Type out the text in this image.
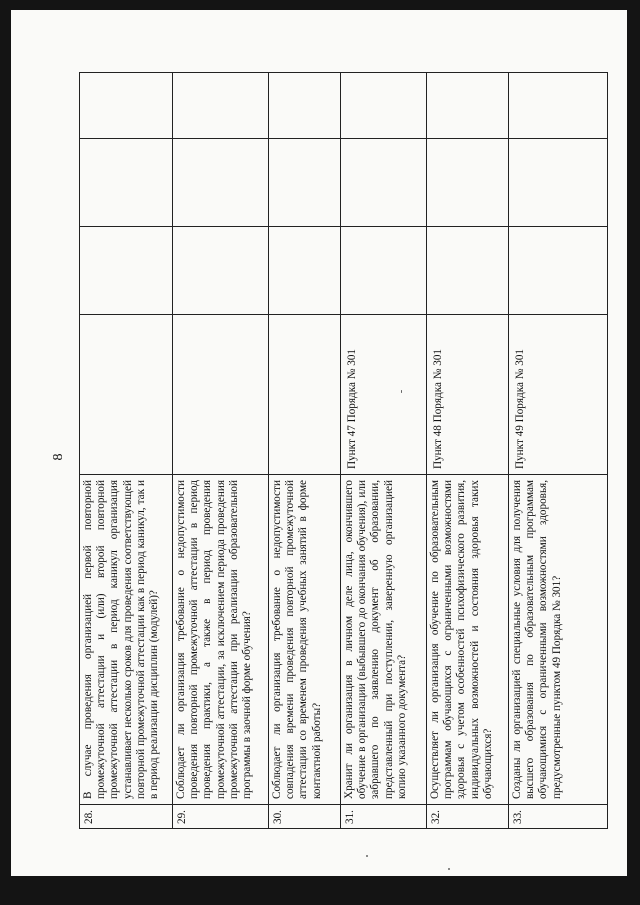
8
28.	В случае проведения организацией первой повторной промежуточной аттестации и (или) второй повторной промежуточной аттестации в период каникул организация устанавливает несколько сроков для проведения соответствующей повторной промежуточной аттестации как в период каникул, так и в период реализации дисциплин (модулей)?				
29.	Соблюдает ли организация требование о недопустимости проведения повторной промежуточной аттестации в период проведения практики, а также в период проведения промежуточной аттестации, за исключением периода проведения промежуточной аттестации при реализации образовательной программы в заочной форме обучения?				
30.	Соблюдает ли организация требование о недопустимости совпадения времени проведения повторной промежуточной аттестации со временем проведения учебных занятий в форме контактной работы?				
31.	Хранит ли организация в личном деле лица, окончившего обучение в организации (выбывшего до окончания обучения), или забравшего по заявлению документ об образовании, представленный при поступлении, заверенную организацией копию указанного документа?	Пункт 47 Порядка № 301			
32.	Осуществляет ли организация обучение по образовательным программам обучающихся с ограниченными возможностями здоровья с учетом особенностей психофизического развития, индивидуальных возможностей и состояния здоровья таких обучающихся?	Пункт 48 Порядка № 301			
33.	Созданы ли организацией специальные условия для получения высшего образования по образовательным программам обучающимися с ограниченными возможностями здоровья, предусмотренные пунктом 49 Порядка № 301?	Пункт 49 Порядка № 301			
